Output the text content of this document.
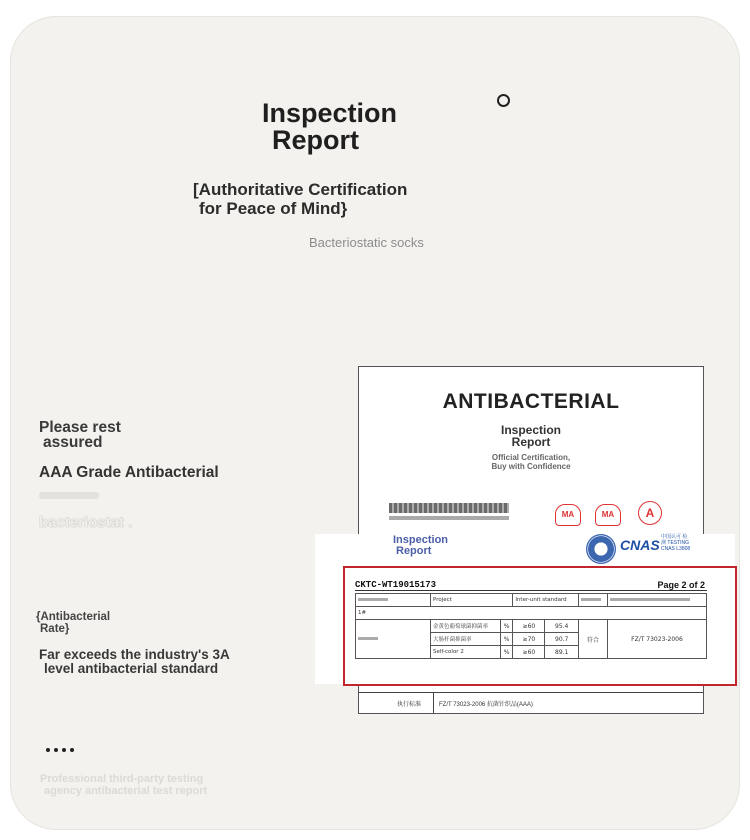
Inspection
Report
[Authoritative Certification
for Peace of Mind}
Bacteriostatic socks
Please rest
assured
AAA Grade Antibacterial
bacteriostat .
{Antibacterial
Rate}
Far exceeds the industry's 3A
level antibacterial standard
Professional third-party testing
agency antibacterial test report
ANTIBACTERIAL
Inspection
Report
Official Certification,
Buy with Confidence
MA	MA	A
执行标准	FZ/T 73023-2006 抗菌针织品(AAA)
Inspection
Report	CNAS 中国认可 检测 TESTING CNAS L3808
CKTC-WT19015173	Page 2 of 2
	Project		Inter-unit standard			
1#						
	金黄色葡萄球菌抑菌率	%	≥60	95.4	符合	FZ/T 73023-2006
	大肠杆菌抑菌率	%	≥70	90.7		
	Self-color 2	%	≥60	89.1		
